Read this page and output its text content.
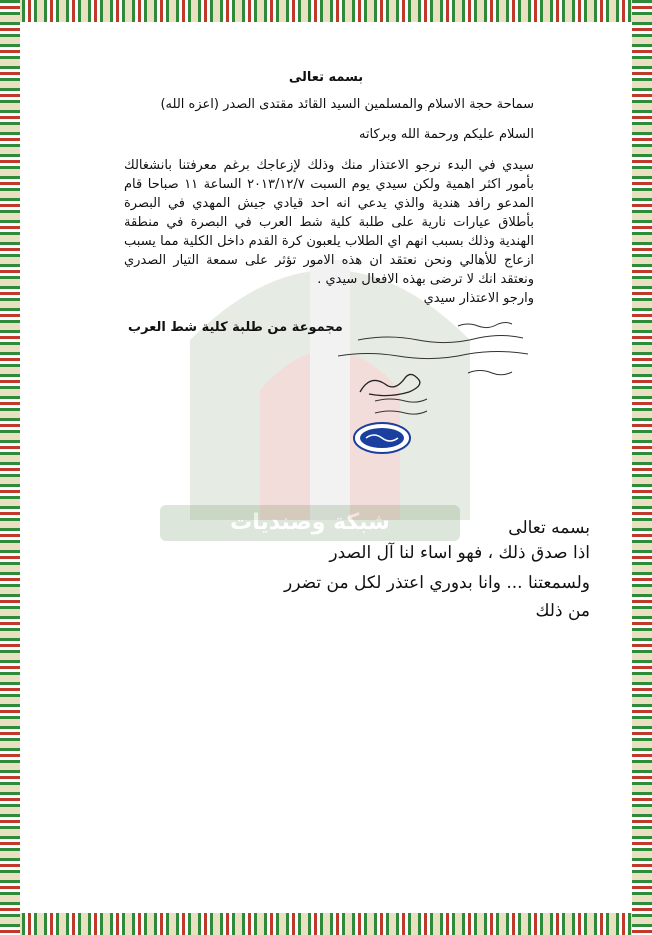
شبكة وصنديات
بسمه تعالى
سماحة حجة الاسلام والمسلمين السيد القائد مقتدى الصدر (اعزه الله)
السلام عليكم ورحمة الله وبركاته
سيدي في البدء نرجو الاعتذار منك وذلك لإزعاجك برغم معرفتنا بانشغالك بأمور اكثر اهمية ولكن سيدي يوم السبت ٢٠١٣/١٢/٧ الساعة ١١ صباحا قام المدعو رافد هندية والذي يدعي انه احد قيادي جيش المهدي في البصرة بأطلاق عيارات نارية على طلبة كلية شط العرب في البصرة في منطقة الهندية وذلك بسبب انهم اي الطلاب يلعبون كرة القدم داخل الكلية مما يسبب ازعاج للأهالي ونحن نعتقد ان هذه الامور تؤثر على سمعة التيار الصدري ونعتقد انك لا ترضى بهذه الافعال سيدي .
وارجو الاعتذار سيدي
مجموعة من طلبة كلية شط العرب
بسمه تعالى
اذا صدق ذلك ، فهو اساء لنا آل الصدر
ولسمعتنا ... وانا بدوري اعتذر لكل من تضرر
من ذلك
